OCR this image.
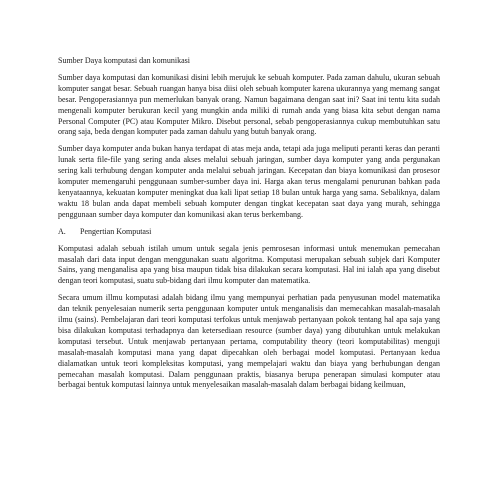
Sumber Daya komputasi dan komunikasi

Sumber daya komputasi dan komunikasi disini lebih merujuk ke sebuah komputer. Pada zaman dahulu, ukuran sebuah komputer sangat besar. Sebuah ruangan hanya bisa diisi oleh sebuah komputer karena ukurannya yang memang sangat besar. Pengoperasiannya pun memerlukan banyak orang. Namun bagaimana dengan saat ini? Saat ini tentu kita sudah mengenali komputer berukuran kecil yang mungkin anda miliki di rumah anda yang biasa kita sebut dengan nama Personal Computer (PC) atau Komputer Mikro. Disebut personal, sebab pengoperasiannya cukup membutuhkan satu orang saja, beda dengan komputer pada zaman dahulu yang butuh banyak orang.

Sumber daya komputer anda bukan hanya terdapat di atas meja anda, tetapi ada juga meliputi peranti keras dan peranti lunak serta file-file yang sering anda akses melalui sebuah jaringan, sumber daya komputer yang anda pergunakan sering kali terhubung dengan komputer anda melalui sebuah jaringan. Kecepatan dan biaya komunikasi dan prosesor komputer memengaruhi penggunaan sumber-sumber daya ini. Harga akan terus mengalami penurunan bahkan pada kenyataannya, kekuatan komputer meningkat dua kali lipat setiap 18 bulan untuk harga yang sama. Sebaliknya, dalam waktu 18 bulan anda dapat membeli sebuah komputer dengan tingkat kecepatan saat daya yang murah, sehingga penggunaan sumber daya komputer dan komunikasi akan terus berkembang.

A.	Pengertian Komputasi

Komputasi adalah sebuah istilah umum untuk segala jenis pemrosesan informasi untuk menemukan pemecahan masalah dari data input dengan menggunakan suatu algoritma. Komputasi merupakan sebuah subjek dari Komputer Sains, yang menganalisa apa yang bisa maupun tidak bisa dilakukan secara komputasi. Hal ini ialah apa yang disebut dengan teori komputasi, suatu sub-bidang dari ilmu komputer dan matematika.

Secara umum illmu komputasi adalah bidang ilmu yang mempunyai perhatian pada penyusunan model matematika dan teknik penyelesaian numerik serta penggunaan komputer untuk menganalisis dan memecahkan masalah-masalah ilmu (sains). Pembelajaran dari teori komputasi terfokus untuk menjawab pertanyaan pokok tentang hal apa saja yang bisa dilakukan komputasi terhadapnya dan ketersediaan resource (sumber daya) yang dibutuhkan untuk melakukan komputasi tersebut. Untuk menjawab pertanyaan pertama, computability theory (teori komputabilitas) menguji masalah-masalah komputasi mana yang dapat dipecahkan oleh berbagai model komputasi. Pertanyaan kedua dialamatkan untuk teori kompleksitas komputasi, yang mempelajari waktu dan biaya yang berhubungan dengan pemecahan masalah komputasi. Dalam penggunaan praktis, biasanya berupa penerapan simulasi komputer atau berbagai bentuk komputasi lainnya untuk menyelesaikan masalah-masalah dalam berbagai bidang keilmuan,
